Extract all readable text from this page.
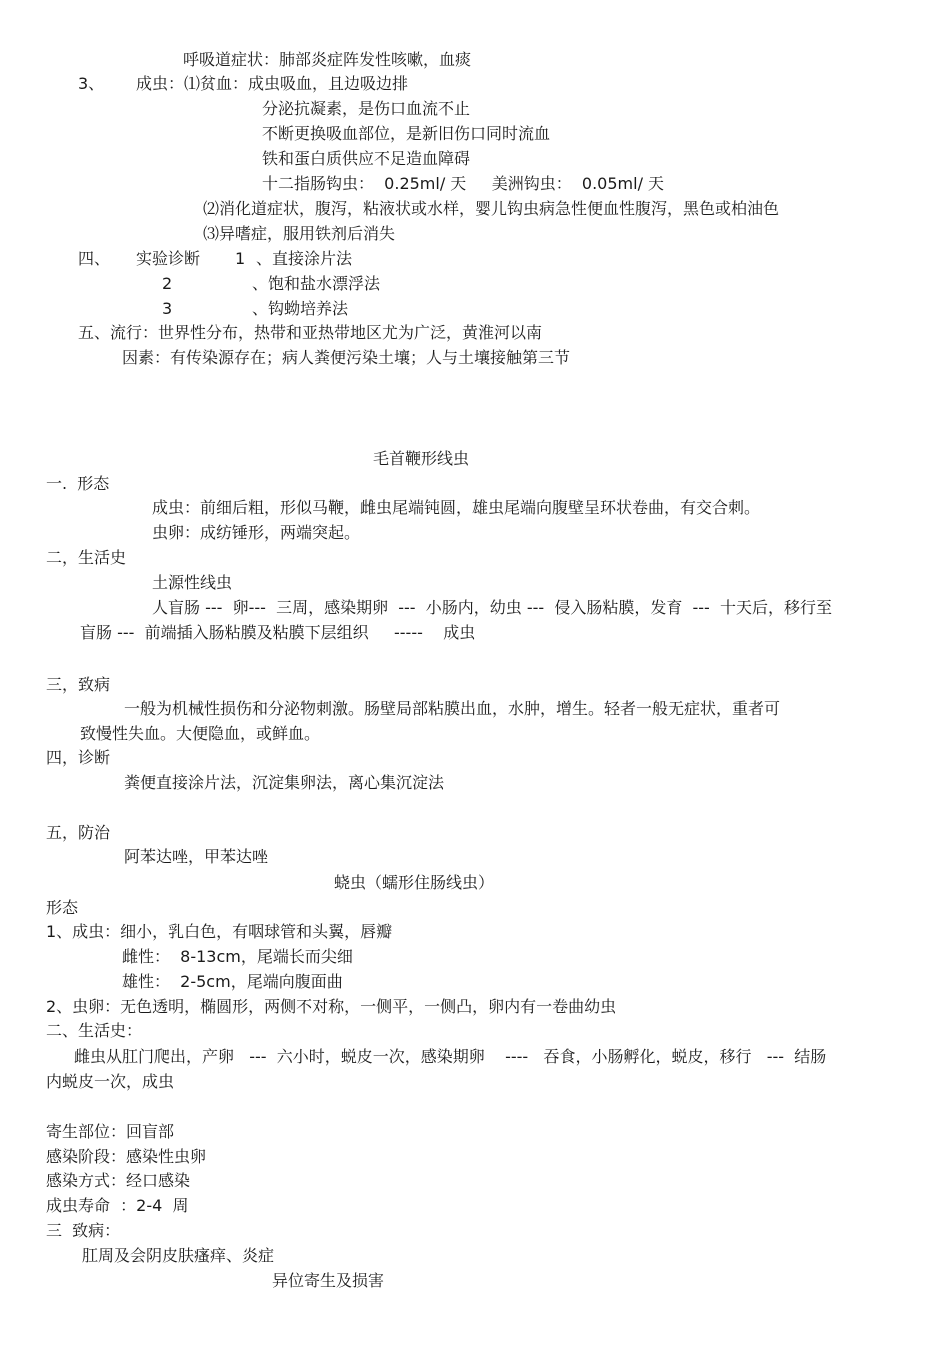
呼吸道症状：肺部炎症阵发性咳嗽，血痰
3、 成虫：⑴贫血：成虫吸血，且边吸边排
分泌抗凝素，是伤口血流不止
不断更换吸血部位，是新旧伤口同时流血
铁和蛋白质供应不足造血障碍
十二指肠钩虫：  0.25ml/ 天     美洲钩虫：  0.05ml/ 天
⑵消化道症状，腹泻，粘液状或水样，婴儿钩虫病急性便血性腹泻，黑色或柏油色
⑶异嗜症，服用铁剂后消失
四、 实验诊断 1 、直接涂片法
2	、饱和盐水漂浮法
3	、钩蚴培养法
五、流行：世界性分布，热带和亚热带地区尤为广泛，黄淮河以南
因素：有传染源存在；病人粪便污染土壤；人与土壤接触第三节
毛首鞭形线虫
一.  形态
成虫：前细后粗，形似马鞭，雌虫尾端钝圆，雄虫尾端向腹壁呈环状卷曲，有交合刺。
虫卵：成纺锤形，两端突起。
二，生活史
土源性线虫
人盲肠 ---  卵---  三周，感染期卵  ---  小肠内，幼虫 ---  侵入肠粘膜，发育  ---  十天后，移行至
盲肠 ---  前端插入肠粘膜及粘膜下层组织     -----    成虫
三，致病
一般为机械性损伤和分泌物刺激。肠壁局部粘膜出血，水肿，增生。轻者一般无症状，重者可
致慢性失血。大便隐血，或鲜血。
四，诊断
粪便直接涂片法，沉淀集卵法，离心集沉淀法
五，防治
阿苯达唑，甲苯达唑
蛲虫（蠕形住肠线虫）
形态
1、成虫：细小，乳白色，有咽球管和头翼，唇瓣
雌性：  8-13cm，尾端长而尖细
雄性：  2-5cm，尾端向腹面曲
2、虫卵：无色透明，椭圆形，两侧不对称，一侧平，一侧凸，卵内有一卷曲幼虫
二、生活史：
雌虫从肛门爬出，产卵   ---  六小时，蜕皮一次，感染期卵    ----   吞食，小肠孵化，蜕皮，移行   ---  结肠
内蜕皮一次，成虫
寄生部位：回盲部
感染阶段：感染性虫卵
感染方式：经口感染
成虫寿命  ：2-4  周
三  致病：
肛周及会阴皮肤瘙痒、炎症
异位寄生及损害
